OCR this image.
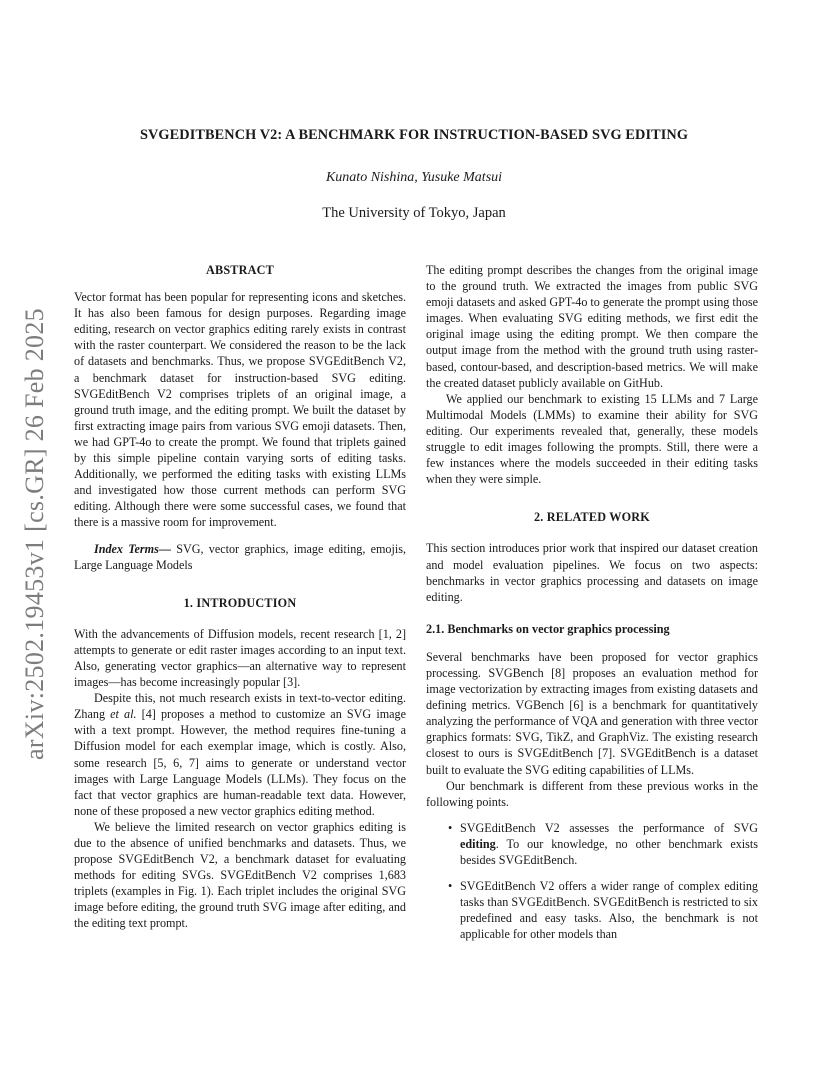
SVGEDITBENCH V2: A BENCHMARK FOR INSTRUCTION-BASED SVG EDITING
Kunato Nishina, Yusuke Matsui
The University of Tokyo, Japan
arXiv:2502.19453v1 [cs.GR] 26 Feb 2025

ABSTRACT

Vector format has been popular for representing icons and sketches. It has also been famous for design purposes. Regarding image editing, research on vector graphics editing rarely exists in contrast with the raster counterpart. We considered the reason to be the lack of datasets and benchmarks. Thus, we propose SVGEditBench V2, a benchmark dataset for instruction-based SVG editing. SVGEditBench V2 comprises triplets of an original image, a ground truth image, and the editing prompt. We built the dataset by first extracting image pairs from various SVG emoji datasets. Then, we had GPT-4o to create the prompt. We found that triplets gained by this simple pipeline contain varying sorts of editing tasks. Additionally, we performed the editing tasks with existing LLMs and investigated how those current methods can perform SVG editing. Although there were some successful cases, we found that there is a massive room for improvement.

Index Terms— SVG, vector graphics, image editing, emojis, Large Language Models

1. INTRODUCTION

With the advancements of Diffusion models, recent research [1, 2] attempts to generate or edit raster images according to an input text. Also, generating vector graphics—an alternative way to represent images—has become increasingly popular [3].

Despite this, not much research exists in text-to-vector editing. Zhang et al. [4] proposes a method to customize an SVG image with a text prompt. However, the method requires fine-tuning a Diffusion model for each exemplar image, which is costly. Also, some research [5, 6, 7] aims to generate or understand vector images with Large Language Models (LLMs). They focus on the fact that vector graphics are human-readable text data. However, none of these proposed a new vector graphics editing method.

We believe the limited research on vector graphics editing is due to the absence of unified benchmarks and datasets. Thus, we propose SVGEditBench V2, a benchmark dataset for evaluating methods for editing SVGs. SVGEditBench V2 comprises 1,683 triplets (examples in Fig. 1). Each triplet includes the original SVG image before editing, the ground truth SVG image after editing, and the editing text prompt.

The editing prompt describes the changes from the original image to the ground truth. We extracted the images from public SVG emoji datasets and asked GPT-4o to generate the prompt using those images. When evaluating SVG editing methods, we first edit the original image using the editing prompt. We then compare the output image from the method with the ground truth using raster-based, contour-based, and description-based metrics. We will make the created dataset publicly available on GitHub.

We applied our benchmark to existing 15 LLMs and 7 Large Multimodal Models (LMMs) to examine their ability for SVG editing. Our experiments revealed that, generally, these models struggle to edit images following the prompts. Still, there were a few instances where the models succeeded in their editing tasks when they were simple.

2. RELATED WORK

This section introduces prior work that inspired our dataset creation and model evaluation pipelines. We focus on two aspects: benchmarks in vector graphics processing and datasets on image editing.

2.1. Benchmarks on vector graphics processing

Several benchmarks have been proposed for vector graphics processing. SVGBench [8] proposes an evaluation method for image vectorization by extracting images from existing datasets and defining metrics. VGBench [6] is a benchmark for quantitatively analyzing the performance of VQA and generation with three vector graphics formats: SVG, TikZ, and GraphViz. The existing research closest to ours is SVGEditBench [7]. SVGEditBench is a dataset built to evaluate the SVG editing capabilities of LLMs.

Our benchmark is different from these previous works in the following points.

• SVGEditBench V2 assesses the performance of SVG editing. To our knowledge, no other benchmark exists besides SVGEditBench.
• SVGEditBench V2 offers a wider range of complex editing tasks than SVGEditBench. SVGEditBench is restricted to six predefined and easy tasks. Also, the benchmark is not applicable for other models than
